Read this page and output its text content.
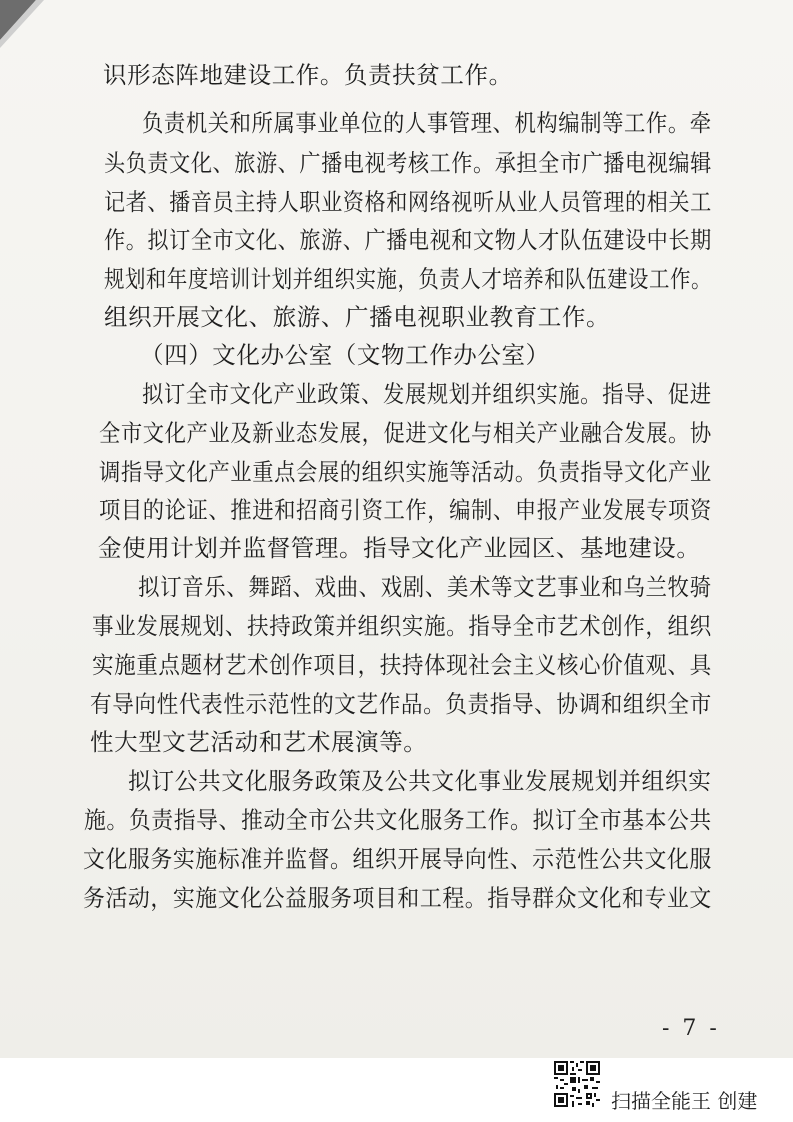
识形态阵地建设工作。负责扶贫工作。
负责机关和所属事业单位的人事管理、机构编制等工作。牵
头负责文化、旅游、广播电视考核工作。承担全市广播电视编辑
记者、播音员主持人职业资格和网络视听从业人员管理的相关工
作。拟订全市文化、旅游、广播电视和文物人才队伍建设中长期
规划和年度培训计划并组织实施，负责人才培养和队伍建设工作。
组织开展文化、旅游、广播电视职业教育工作。
（四）文化办公室（文物工作办公室）
拟订全市文化产业政策、发展规划并组织实施。指导、促进
全市文化产业及新业态发展，促进文化与相关产业融合发展。协
调指导文化产业重点会展的组织实施等活动。负责指导文化产业
项目的论证、推进和招商引资工作，编制、申报产业发展专项资
金使用计划并监督管理。指导文化产业园区、基地建设。
拟订音乐、舞蹈、戏曲、戏剧、美术等文艺事业和乌兰牧骑
事业发展规划、扶持政策并组织实施。指导全市艺术创作，组织
实施重点题材艺术创作项目，扶持体现社会主义核心价值观、具
有导向性代表性示范性的文艺作品。负责指导、协调和组织全市
性大型文艺活动和艺术展演等。
拟订公共文化服务政策及公共文化事业发展规划并组织实
施。负责指导、推动全市公共文化服务工作。拟订全市基本公共
文化服务实施标准并监督。组织开展导向性、示范性公共文化服
务活动，实施文化公益服务项目和工程。指导群众文化和专业文
- 7 -
扫描全能王 创建
